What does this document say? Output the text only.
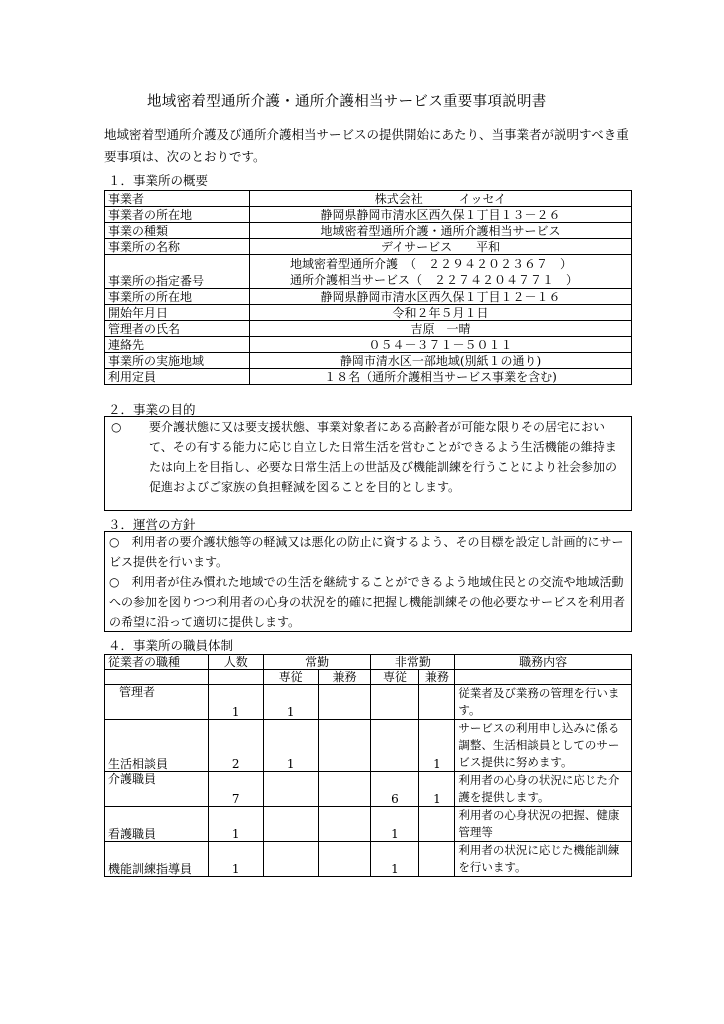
地域密着型通所介護・通所介護相当サービス重要事項説明書
地域密着型通所介護及び通所介護相当サービスの提供開始にあたり、当事業者が説明すべき重要事項は、次のとおりです。
１．事業所の概要
事業者	株式会社　　　イッセイ
事業者の所在地	静岡県静岡市清水区西久保１丁目１３－２６
事業の種類	地域密着型通所介護・通所介護相当サービス
事業所の名称	デイサービス　　平和
事業所の指定番号	地域密着型通所介護　（　２２９４２０２３６７　）
通所介護相当サービス（　２２７４２０４７７１　）

事業所の所在地	静岡県静岡市清水区西久保１丁目１２－１６
開始年月日	令和２年５月１日
管理者の氏名	吉原　一晴
連絡先	０５４－３７１－５０１１
事業所の実施地域	静岡市清水区一部地域(別紙１の通り)
利用定員	１８名（通所介護相当サービス事業を含む)
２．事業の目的
○ 要介護状態に又は要支援状態、事業対象者にある高齢者が可能な限りその居宅において、その有する能力に応じ自立した日常生活を営むことができるよう生活機能の維持または向上を目指し、必要な日常生活上の世話及び機能訓練を行うことにより社会参加の促進およびご家族の負担軽減を図ることを目的とします。
３．運営の方針
○　利用者の要介護状態等の軽減又は悪化の防止に資するよう、その目標を設定し計画的にサービス提供を行います。
○　利用者が住み慣れた地域での生活を継続することができるよう地域住民との交流や地域活動への参加を図りつつ利用者の心身の状況を的確に把握し機能訓練その他必要なサービスを利用者の希望に沿って適切に提供します。
４．事業所の職員体制
従業者の職種	人数	常勤		非常勤		職務内容
		専従	兼務	専従	兼務	
管理者	1	1				従業者及び業務の管理を行います。
生活相談員	2	1			1	サービスの利用申し込みに係る調整、生活相談員としてのサービス提供に努めます。
介護職員	7			6	1	利用者の心身の状況に応じた介護を提供します。
看護職員	1			1		利用者の心身状況の把握、健康管理等
機能訓練指導員	1			1		利用者の状況に応じた機能訓練を行います。
